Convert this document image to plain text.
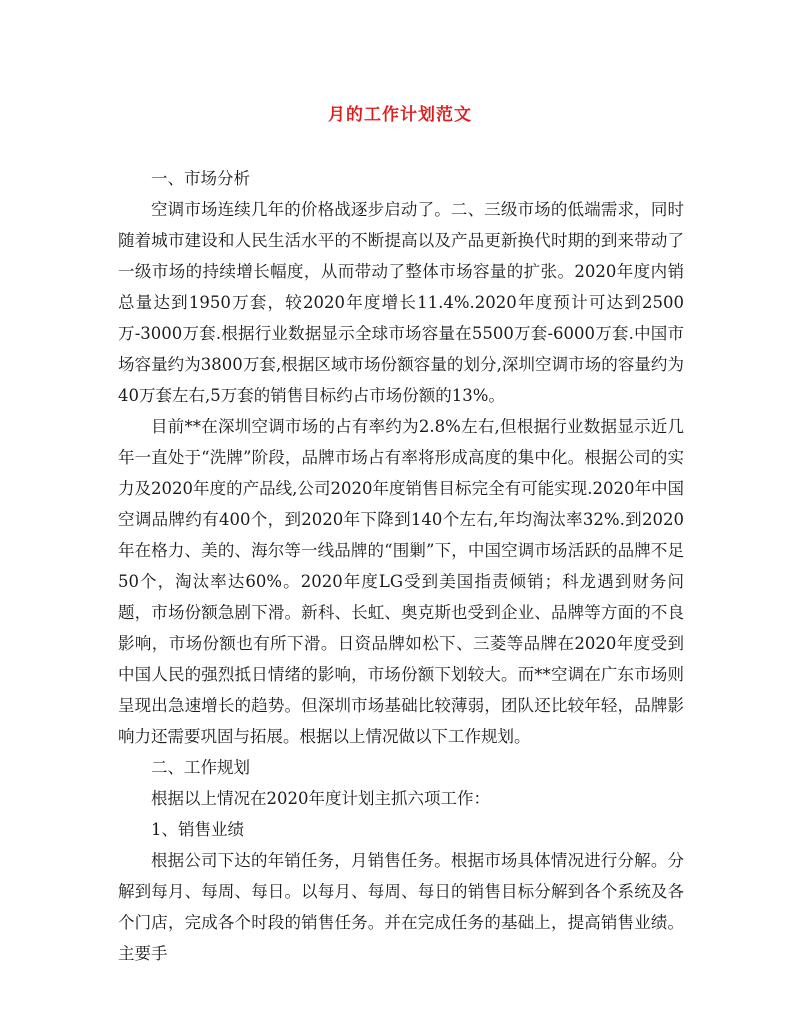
月的工作计划范文

一、市场分析

空调市场连续几年的价格战逐步启动了。二、三级市场的低端需求，同时随着城市建设和人民生活水平的不断提高以及产品更新换代时期的到来带动了一级市场的持续增长幅度，从而带动了整体市场容量的扩张。2020年度内销总量达到1950万套，较2020年度增长11.4%.2020年度预计可达到2500万-3000万套.根据行业数据显示全球市场容量在5500万套-6000万套.中国市场容量约为3800万套,根据区域市场份额容量的划分,深圳空调市场的容量约为40万套左右,5万套的销售目标约占市场份额的13%。

目前**在深圳空调市场的占有率约为2.8%左右,但根据行业数据显示近几年一直处于“洗牌”阶段，品牌市场占有率将形成高度的集中化。根据公司的实力及2020年度的产品线,公司2020年度销售目标完全有可能实现.2020年中国空调品牌约有400个，到2020年下降到140个左右,年均淘汰率32%.到2020年在格力、美的、海尔等一线品牌的“围剿”下，中国空调市场活跃的品牌不足50个，淘汰率达60%。2020年度LG受到美国指责倾销；科龙遇到财务问题，市场份额急剧下滑。新科、长虹、奥克斯也受到企业、品牌等方面的不良影响，市场份额也有所下滑。日资品牌如松下、三菱等品牌在2020年度受到中国人民的强烈抵日情绪的影响，市场份额下划较大。而**空调在广东市场则呈现出急速增长的趋势。但深圳市场基础比较薄弱，团队还比较年轻，品牌影响力还需要巩固与拓展。根据以上情况做以下工作规划。

二、工作规划

根据以上情况在2020年度计划主抓六项工作：

1、销售业绩

根据公司下达的年销任务，月销售任务。根据市场具体情况进行分解。分解到每月、每周、每日。以每月、每周、每日的销售目标分解到各个系统及各个门店，完成各个时段的销售任务。并在完成任务的基础上，提高销售业绩。主要手
